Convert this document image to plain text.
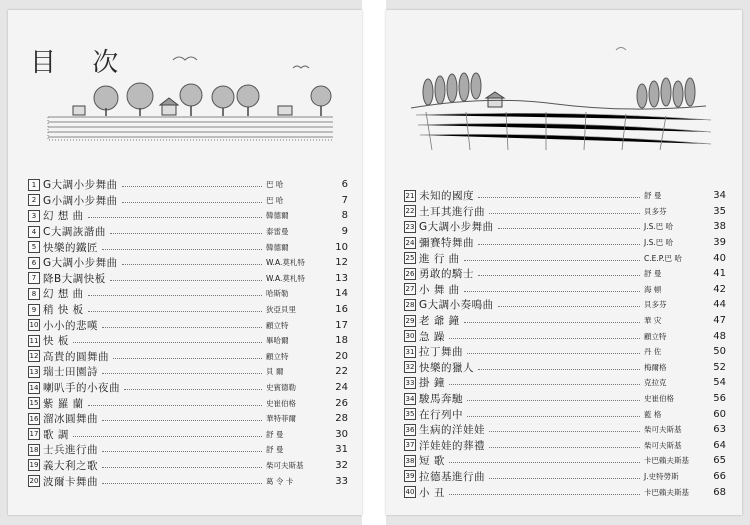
目 次
1 G大調小步舞曲	巴 哈	6
2 G小調小步舞曲	巴 哈	7
3 幻 想 曲	韓德爾	8
4 C大調詼諧曲	泰雷曼	9
5 快樂的鐵匠	韓德爾	10
6 G大調小步舞曲	W.A.莫札特	12
7 降B大調快板	W.A.莫札特	13
8 幻 想 曲	哈斯勒	14
9 稍 快 板	狄亞貝里	16
10 小小的悲嘆	顧立特	17
11 快 板	畢哈爾	18
12 高貴的圓舞曲	顧立特	20
13 瑞士田園詩	貝 爾	22
14 喇叭手的小夜曲	史賓德勒	24
15 紫 羅 蘭	史崔伯格	26
16 溜冰圓舞曲	華特菲爾	28
17 歌 調	舒 曼	30
18 士兵進行曲	舒 曼	31
19 義大利之歌	柴可夫斯基	32
20 波爾卡舞曲	葛 令 卡	33
21 未知的國度	舒 曼	34
22 土耳其進行曲	貝多芬	35
23 G大調小步舞曲	J.S.巴 哈	38
24 彌賽特舞曲	J.S.巴 哈	39
25 進 行 曲	C.E.P.巴 哈	40
26 勇敢的騎士	舒 曼	41
27 小 舞 曲	海 頓	42
28 G大調小奏鳴曲	貝多芬	44
29 老 爺 鐘	華 灾	47
30 急 躁	顧立特	48
31 拉丁舞曲	丹 佐	50
32 快樂的獵人	梅爾格	52
33 掛 鐘	克拉克	54
34 駿馬奔馳	史崔伯格	56
35 在行列中	藍 格	60
36 生病的洋娃娃	柴可夫斯基	63
37 洋娃娃的葬禮	柴可夫斯基	64
38 短 歌	卡巴賴夫斯基	65
39 拉德基進行曲	J.史特勞斯	66
40 小 丑	卡巴賴夫斯基	68
